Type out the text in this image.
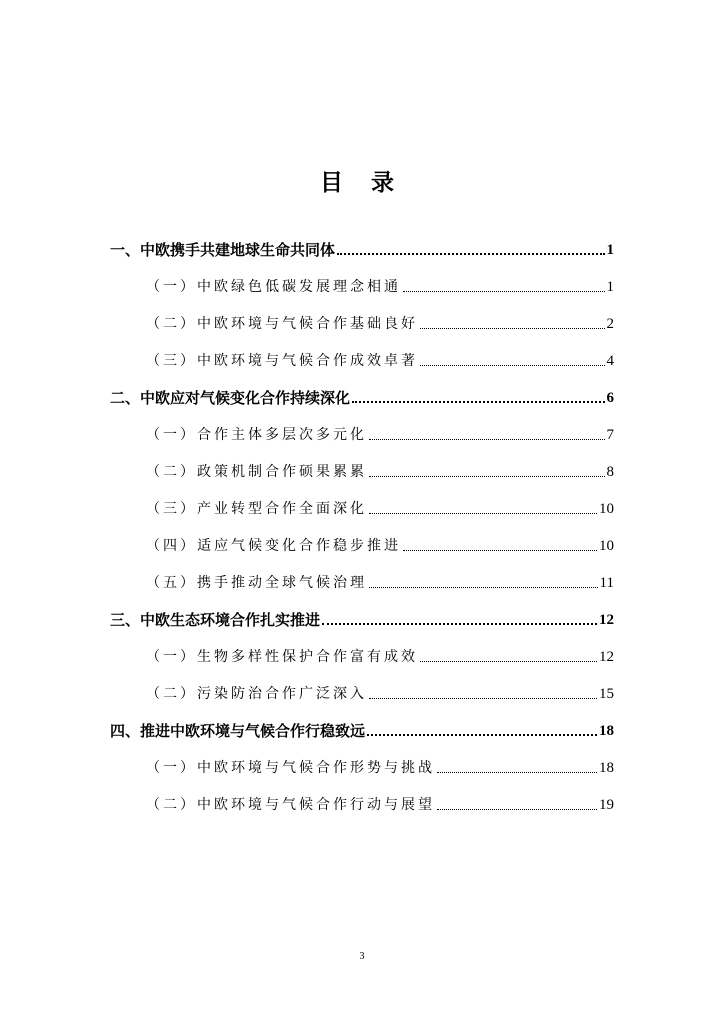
目 录
一、中欧携手共建地球生命共同体	1
（一）中欧绿色低碳发展理念相通	1
（二）中欧环境与气候合作基础良好	2
（三）中欧环境与气候合作成效卓著	4
二、中欧应对气候变化合作持续深化	6
（一）合作主体多层次多元化	7
（二）政策机制合作硕果累累	8
（三）产业转型合作全面深化	10
（四）适应气候变化合作稳步推进	10
（五）携手推动全球气候治理	11
三、中欧生态环境合作扎实推进	12
（一）生物多样性保护合作富有成效	12
（二）污染防治合作广泛深入	15
四、推进中欧环境与气候合作行稳致远	18
（一）中欧环境与气候合作形势与挑战	18
（二）中欧环境与气候合作行动与展望	19
3
